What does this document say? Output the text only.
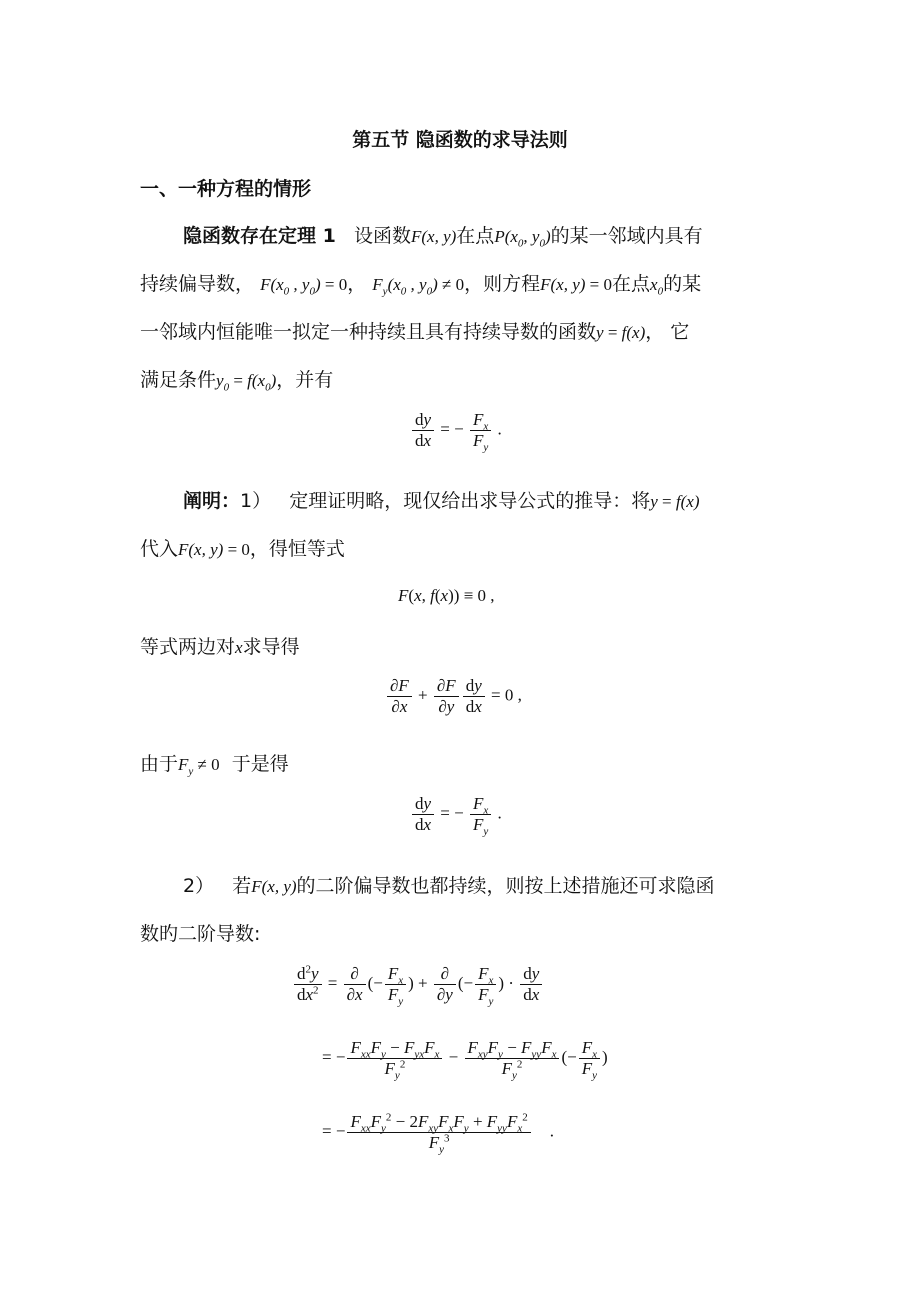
第五节 隐函数的求导法则
一、一种方程的情形
隐函数存在定理 1 设函数F(x, y)在点$P(x_0$, $y_0$)的某一邻域内具有
持续偏导数， $F(x_0$ , $y_0) = 0$， $F_y(x_0$ , $y_0) \ne 0$，则方程F(x, y) = 0在点$x_0$的某
一邻域内恒能唯一拟定一种持续且具有持续导数的函数y = f(x)， 它
满足条件$y_0 = f(x_0)$，并有
$\frac{dy}{dx}$ = − $\frac{F_x}{F_y}$ .
阐明：1） 定理证明略，现仅给出求导公式的推导：将y = f(x)
代入F(x, y) = 0，得恒等式
F(x, f(x)) ≡ 0 ,
等式两边对x求导得
$\frac{\partial F}{\partial x} + \frac{\partial F}{\partial y} \frac{dy}{dx} = 0$ ,
由于$F_y \ne 0$ 于是得
$\frac{dy}{dx}$ = − $\frac{F_x}{F_y}$ .
2） 若F(x, y)的二阶偏导数也都持续，则按上述措施还可求隐函
数旳二阶导数:
$\frac{d^2y}{dx^2} = \frac{\partial}{\partial x}$ (− $\frac{F_x}{F_y}$ ) + $\frac{\partial}{\partial y}$ (− $\frac{F_x}{F_y}$ ) · $\frac{dy}{dx}$
= − $\frac{F_{xx}F_y - F_{yx}F_x}{F_y^2} - \frac{F_{xy}F_y - F_{yy}F_x}{F_y^2}$ (− $\frac{F_x}{F_y}$ )
= − $\frac{F_{xx}F_y^2 - 2F_{xy}F_xF_y + F_{yy}F_x^2}{F_y^3}$ .
